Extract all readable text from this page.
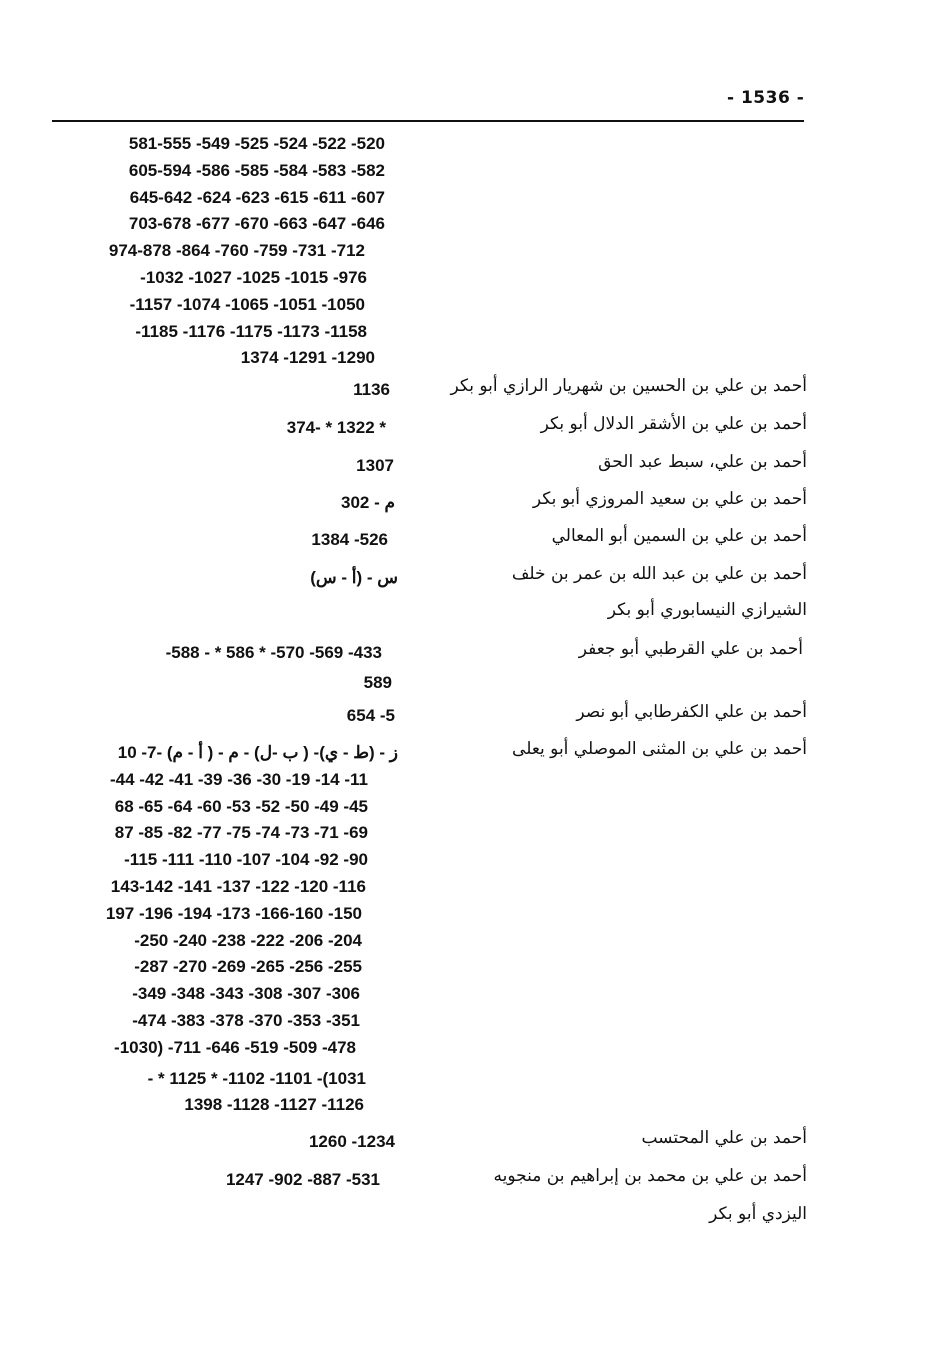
- 1536 -
581-555 -549 -525 -524 -522 -520
605-594 -586 -585 -584 -583 -582
645-642 -624 -623 -615 -611 -607
703-678 -677 -670 -663 -647 -646
974-878 -864 -760 -759 -731 -712
-1032 -1027 -1025 -1015 -976
-1157 -1074 -1065 -1051 -1050
-1185 -1176 -1175 -1173 -1158
1374 -1291 -1290
أحمد بن علي بن الحسين بن شهريار الرازي أبو بكر
1136
أحمد بن علي بن الأشقر الدلال أبو بكر
374- * 1322 *
أحمد بن علي، سبط عبد الحق
1307
أحمد بن علي بن سعيد المروزي أبو بكر
م - 302
أحمد بن علي بن السمين أبو المعالي
1384 -526
أحمد بن علي بن عبد الله بن عمر بن خلف
س - (أ - س)
الشيرازي النيسابوري أبو بكر
أحمد بن علي القرطبي أبو جعفر
-588 - * 586 * -570 -569 -433
589
أحمد بن علي الكفرطابي أبو نصر
654 -5
أحمد بن علي بن المثنى الموصلي أبو يعلى
ز - (ط - ي)- ( ب -ل) - م - ( أ - م) -7- 10
-44 -42 -41 -39 -36 -30 -19 -14 -11
68 -65 -64 -60 -53 -52 -50 -49 -45
87 -85 -82 -77 -75 -74 -73 -71 -69
-115 -111 -110 -107 -104 -92 -90
143-142 -141 -137 -122 -120 -116
197 -196 -194 -173 -166-160 -150
-250 -240 -238 -222 -206 -204
-287 -270 -269 -265 -256 -255
-349 -348 -343 -308 -307 -306
-474 -383 -378 -370 -353 -351
-1030) -711 -646 -519 -509 -478
- * 1125 * -1102 -1101 -(1031
1398 -1128 -1127 -1126
أحمد بن علي المحتسب
1260 -1234
أحمد بن علي بن محمد بن إبراهيم بن منجويه
1247 -902 -887 -531
اليزدي أبو بكر
